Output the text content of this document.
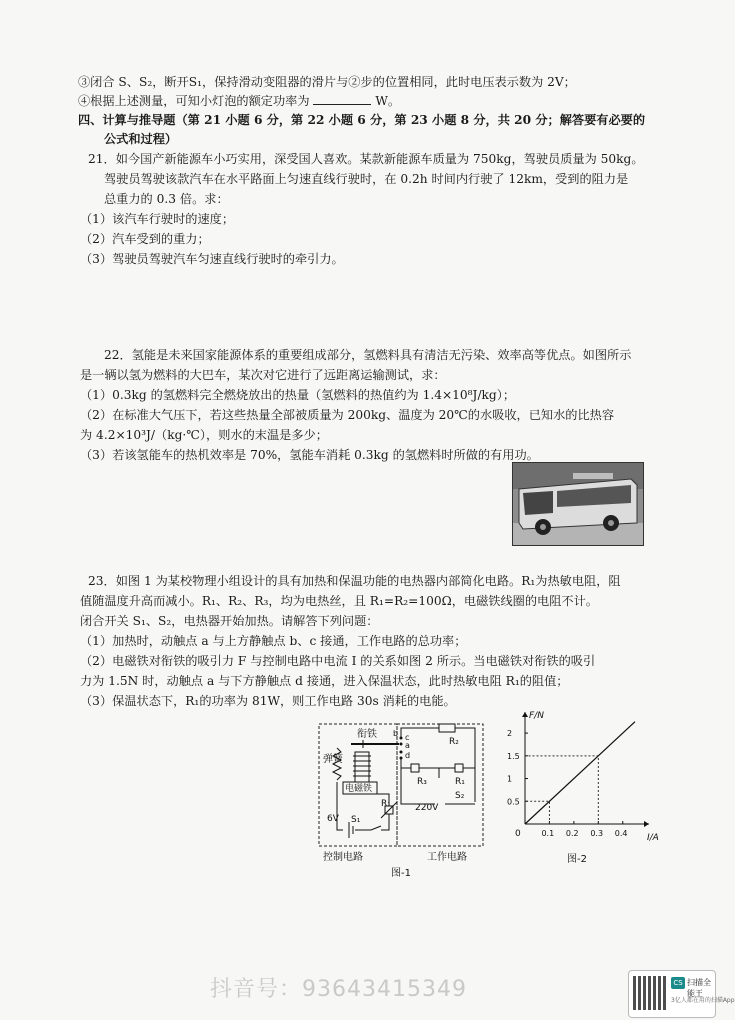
③闭合 S、S₂，断开S₁，保持滑动变阻器的滑片与②步的位置相同，此时电压表示数为 2V；
④根据上述测量，可知小灯泡的额定功率为	W。
四、计算与推导题（第 21 小题 6 分，第 22 小题 6 分，第 23 小题 8 分，共 20 分；解答要有必要的
公式和过程）
21．如今国产新能源车小巧实用，深受国人喜欢。某款新能源车质量为 750kg，驾驶员质量为 50kg。
驾驶员驾驶该款汽车在水平路面上匀速直线行驶时，在 0.2h 时间内行驶了 12km，受到的阻力是
总重力的 0.3 倍。求：
（1）该汽车行驶时的速度；
（2）汽车受到的重力；
（3）驾驶员驾驶汽车匀速直线行驶时的牵引力。
22．氢能是未来国家能源体系的重要组成部分，氢燃料具有清洁无污染、效率高等优点。如图所示
是一辆以氢为燃料的大巴车，某次对它进行了远距离运输测试，求：
（1）0.3kg 的氢燃料完全燃烧放出的热量（氢燃料的热值约为 1.4×10⁸J/kg）；
（2）在标准大气压下，若这些热量全部被质量为 200kg、温度为 20℃的水吸收，已知水的比热容
为 4.2×10³J/（kg·℃），则水的末温是多少；
（3）若该氢能车的热机效率是 70%，氢能车消耗 0.3kg 的氢燃料时所做的有用功。
23．如图 1 为某校物理小组设计的具有加热和保温功能的电热器内部简化电路。R₁为热敏电阻，阻
值随温度升高而减小。R₁、R₂、R₃，均为电热丝，且 R₁=R₂=100Ω，电磁铁线圈的电阻不计。
闭合开关 S₁、S₂，电热器开始加热。请解答下列问题：
（1）加热时，动触点 a 与上方静触点 b、c 接通，工作电路的总功率；
（2）电磁铁对衔铁的吸引力 F 与控制电路中电流 I 的关系如图 2 所示。当电磁铁对衔铁的吸引
力为 1.5N 时，动触点 a 与下方静触点 d 接通，进入保温状态，此时热敏电阻 R₁的阻值；
（3）保温状态下，R₁的功率为 81W，则工作电路 30s 消耗的电能。
衔铁
弹簧
电磁铁
R₁
6V S₁
控制电路
b c
a
d
R₂
R₃	R₁
220V
S₂
工作电路
图-1
I/A
F/N
0	0.1 0.2 0.3 0.4
0.5
1
1.5
2
图-2
抖音号：93643415349	CS 扫描全能王
3亿人都在用的扫描App
